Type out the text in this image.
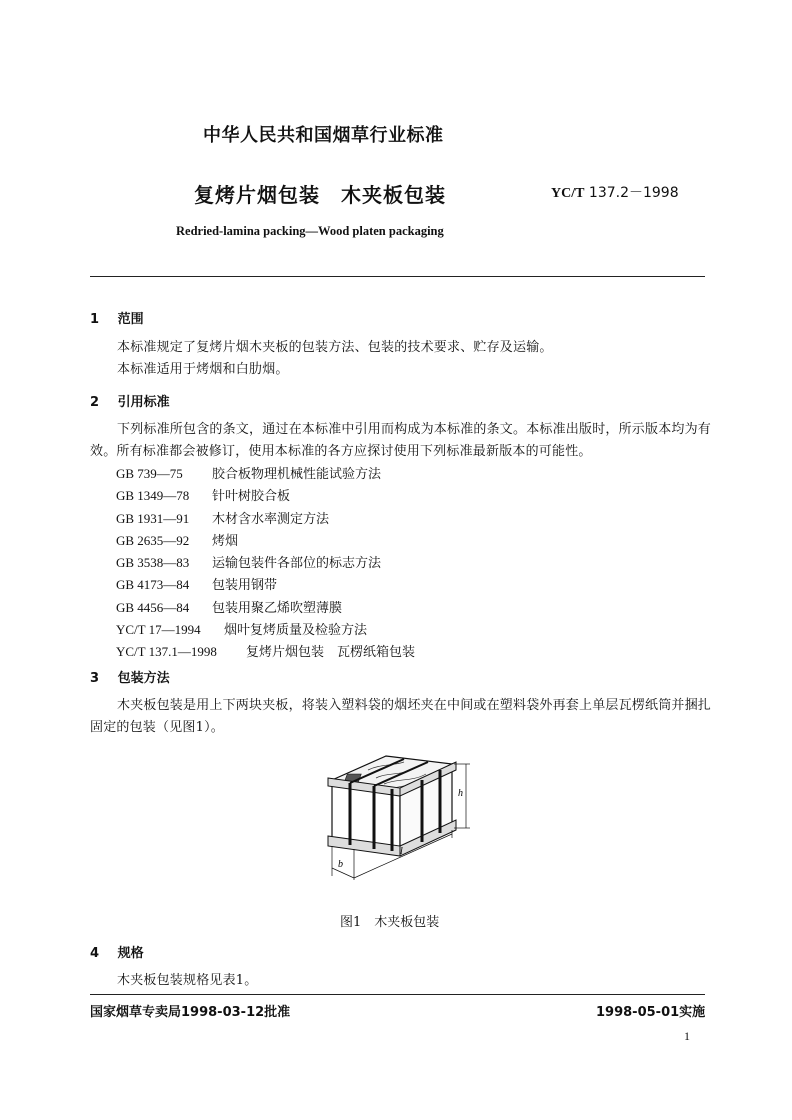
中华人民共和国烟草行业标准
复烤片烟包装　木夹板包装	YC/T 137.2－1998
Redried-lamina packing—Wood platen packaging
1 范围
本标准规定了复烤片烟木夹板的包装方法、包装的技术要求、贮存及运输。
本标准适用于烤烟和白肋烟。
2 引用标准
下列标准所包含的条文，通过在本标准中引用而构成为本标准的条文。本标准出版时，所示版本均为有效。所有标准都会被修订，使用本标准的各方应探讨使用下列标准最新版本的可能性。
GB 739—75 胶合板物理机械性能试验方法
GB 1349—78 针叶树胶合板
GB 1931—91 木材含水率测定方法
GB 2635—92 烤烟
GB 3538—83 运输包装件各部位的标志方法
GB 4173—84 包装用钢带
GB 4456—84 包装用聚乙烯吹塑薄膜
YC/T 17—1994 烟叶复烤质量及检验方法
YC/T 137.1—1998 复烤片烟包装　瓦楞纸箱包装
3 包装方法
木夹板包装是用上下两块夹板，将装入塑料袋的烟坯夹在中间或在塑料袋外再套上单层瓦楞纸筒并捆扎固定的包装（见图1）。
h
b
l
图1　木夹板包装
4 规格
木夹板包装规格见表1。
国家烟草专卖局1998-03-12批准	1998-05-01实施
1
